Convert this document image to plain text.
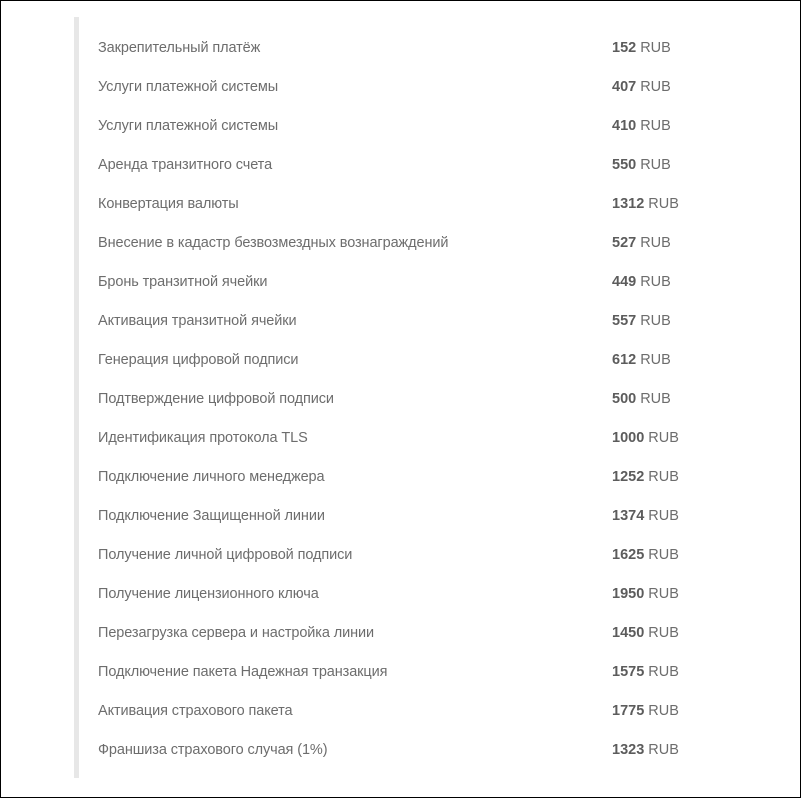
Закрепительный платёж	152 RUB
Услуги платежной системы	407 RUB
Услуги платежной системы	410 RUB
Аренда транзитного счета	550 RUB
Конвертация валюты	1312 RUB
Внесение в кадастр безвозмездных вознаграждений	527 RUB
Бронь транзитной ячейки	449 RUB
Активация транзитной ячейки	557 RUB
Генерация цифровой подписи	612 RUB
Подтверждение цифровой подписи	500 RUB
Идентификация протокола TLS	1000 RUB
Подключение личного менеджера	1252 RUB
Подключение Защищенной линии	1374 RUB
Получение личной цифровой подписи	1625 RUB
Получение лицензионного ключа	1950 RUB
Перезагрузка сервера и настройка линии	1450 RUB
Подключение пакета Надежная транзакция	1575 RUB
Активация страхового пакета	1775 RUB
Франшиза страхового случая (1%)	1323 RUB
